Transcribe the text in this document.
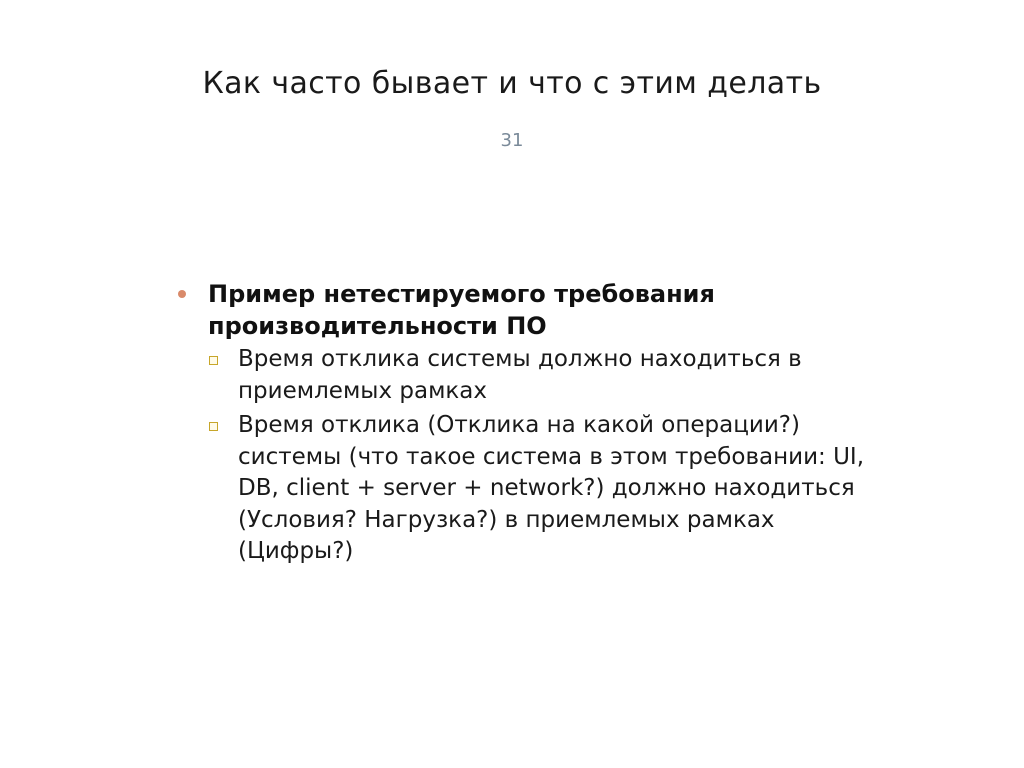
Как часто бывает и что с этим делать
31
Пример нетестируемого требования производительности ПО
Время отклика системы должно находиться в приемлемых рамках
Время отклика (Отклика на какой операции?) системы (что такое система в этом требовании: UI, DB, client + server + network?) должно находиться (Условия? Нагрузка?) в приемлемых рамках (Цифры?)
